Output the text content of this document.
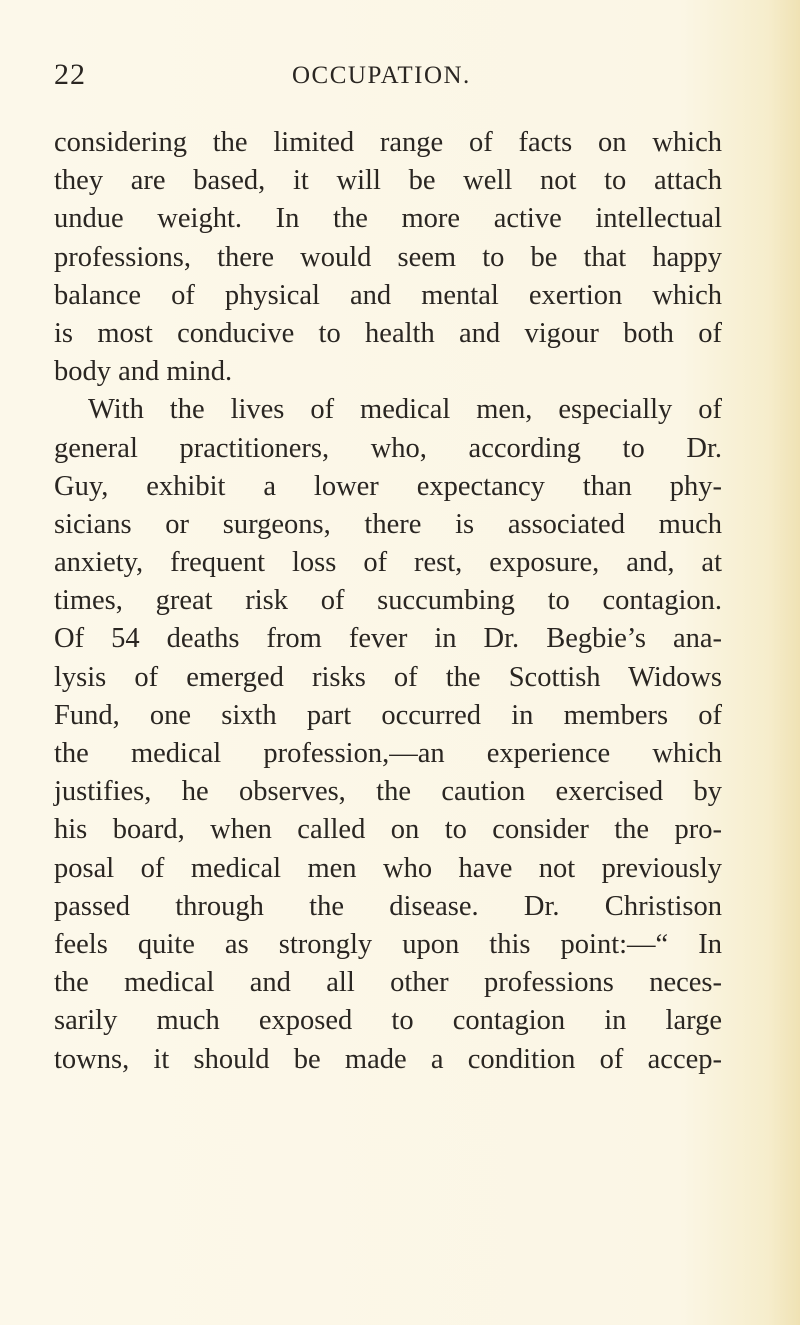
22	OCCUPATION.
considering the limited range of facts on which
they are based, it will be well not to attach
undue weight. In the more active intellectual
professions, there would seem to be that happy
balance of physical and mental exertion which
is most conducive to health and vigour both of
body and mind.
With the lives of medical men, especially of
general practitioners, who, according to Dr.
Guy, exhibit a lower expectancy than phy-
sicians or surgeons, there is associated much
anxiety, frequent loss of rest, exposure, and, at
times, great risk of succumbing to contagion.
Of 54 deaths from fever in Dr. Begbie’s ana-
lysis of emerged risks of the Scottish Widows
Fund, one sixth part occurred in members of
the medical profession,—an experience which
justifies, he observes, the caution exercised by
his board, when called on to consider the pro-
posal of medical men who have not previously
passed through the disease. Dr. Christison
feels quite as strongly upon this point:—“ In
the medical and all other professions neces-
sarily much exposed to contagion in large
towns, it should be made a condition of accep-
